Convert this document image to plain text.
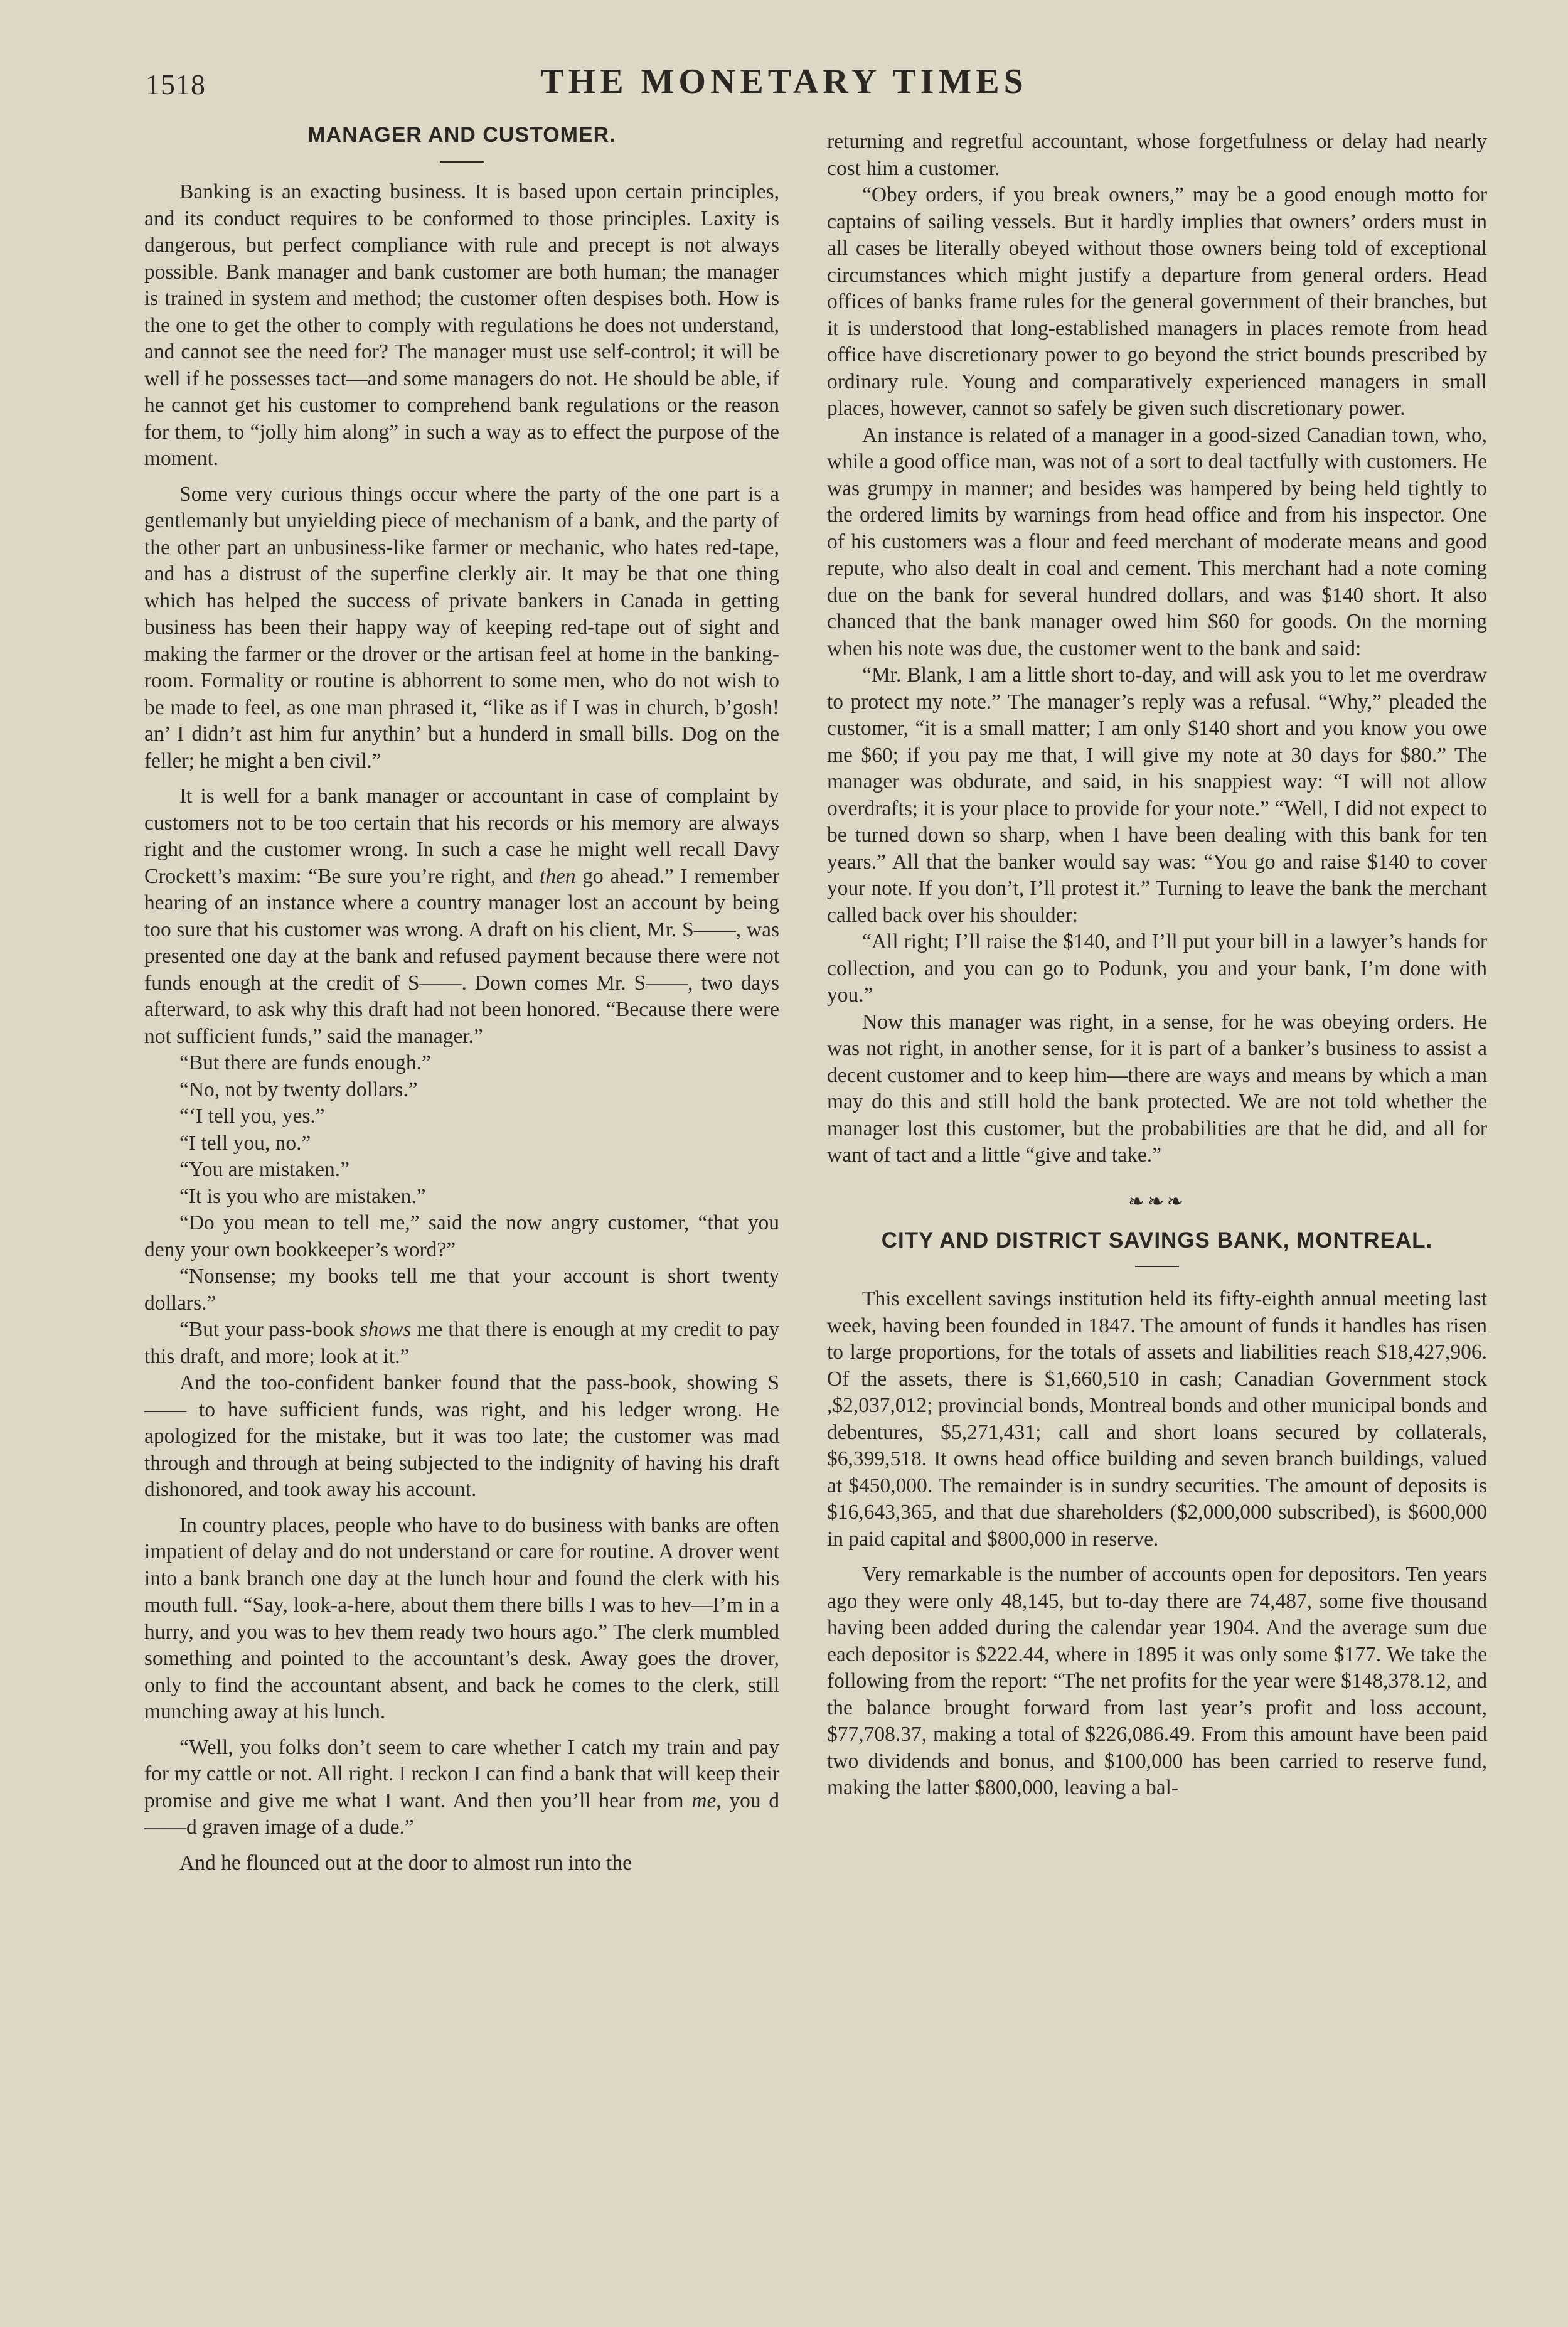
1518	THE MONETARY TIMES
MANAGER AND CUSTOMER.

Banking is an exacting business. It is based upon certain principles, and its conduct requires to be conformed to those principles. Laxity is dangerous, but perfect compliance with rule and precept is not always possible. Bank manager and bank customer are both human; the manager is trained in system and method; the customer often despises both. How is the one to get the other to comply with regulations he does not understand, and cannot see the need for? The manager must use self-control; it will be well if he possesses tact—and some managers do not. He should be able, if he cannot get his customer to comprehend bank regulations or the reason for them, to “jolly him along” in such a way as to effect the purpose of the moment.

Some very curious things occur where the party of the one part is a gentlemanly but unyielding piece of mechanism of a bank, and the party of the other part an unbusiness-like farmer or mechanic, who hates red-tape, and has a distrust of the superfine clerkly air. It may be that one thing which has helped the success of private bankers in Canada in getting business has been their happy way of keeping red-tape out of sight and making the farmer or the drover or the artisan feel at home in the banking-room. Formality or routine is abhorrent to some men, who do not wish to be made to feel, as one man phrased it, “like as if I was in church, b’gosh! an’ I didn’t ast him fur anythin’ but a hunderd in small bills. Dog on the feller; he might a ben civil.”

It is well for a bank manager or accountant in case of complaint by customers not to be too certain that his records or his memory are always right and the customer wrong. In such a case he might well recall Davy Crockett’s maxim: “Be sure you’re right, and then go ahead.” I remember hearing of an instance where a country manager lost an account by being too sure that his customer was wrong. A draft on his client, Mr. S——, was presented one day at the bank and refused payment because there were not funds enough at the credit of S——. Down comes Mr. S——, two days afterward, to ask why this draft had not been honored. “Because there were not sufficient funds,” said the manager.”

“But there are funds enough.”

“No, not by twenty dollars.”

“‘I tell you, yes.”

“I tell you, no.”

“You are mistaken.”

“It is you who are mistaken.”

“Do you mean to tell me,” said the now angry customer, “that you deny your own bookkeeper’s word?”

“Nonsense; my books tell me that your account is short twenty dollars.”

“But your pass-book shows me that there is enough at my credit to pay this draft, and more; look at it.”

And the too-confident banker found that the pass-book, showing S—— to have sufficient funds, was right, and his ledger wrong. He apologized for the mistake, but it was too late; the customer was mad through and through at being subjected to the indignity of having his draft dishonored, and took away his account.

In country places, people who have to do business with banks are often impatient of delay and do not understand or care for routine. A drover went into a bank branch one day at the lunch hour and found the clerk with his mouth full. “Say, look-a-here, about them there bills I was to hev—I’m in a hurry, and you was to hev them ready two hours ago.” The clerk mumbled something and pointed to the accountant’s desk. Away goes the drover, only to find the accountant absent, and back he comes to the clerk, still munching away at his lunch.

“Well, you folks don’t seem to care whether I catch my train and pay for my cattle or not. All right. I reckon I can find a bank that will keep their promise and give me what I want. And then you’ll hear from me, you d——d graven image of a dude.”

And he flounced out at the door to almost run into the

returning and regretful accountant, whose forgetfulness or delay had nearly cost him a customer.

“Obey orders, if you break owners,” may be a good enough motto for captains of sailing vessels. But it hardly implies that owners’ orders must in all cases be literally obeyed without those owners being told of exceptional circumstances which might justify a departure from general orders. Head offices of banks frame rules for the general government of their branches, but it is understood that long-established managers in places remote from head office have discretionary power to go beyond the strict bounds prescribed by ordinary rule. Young and comparatively experienced managers in small places, however, cannot so safely be given such discretionary power.

An instance is related of a manager in a good-sized Canadian town, who, while a good office man, was not of a sort to deal tactfully with customers. He was grumpy in manner; and besides was hampered by being held tightly to the ordered limits by warnings from head office and from his inspector. One of his customers was a flour and feed merchant of moderate means and good repute, who also dealt in coal and cement. This merchant had a note coming due on the bank for several hundred dollars, and was $140 short. It also chanced that the bank manager owed him $60 for goods. On the morning when his note was due, the customer went to the bank and said:

“Mr. Blank, I am a little short to-day, and will ask you to let me overdraw to protect my note.” The manager’s reply was a refusal. “Why,” pleaded the customer, “it is a small matter; I am only $140 short and you know you owe me $60; if you pay me that, I will give my note at 30 days for $80.” The manager was obdurate, and said, in his snappiest way: “I will not allow overdrafts; it is your place to provide for your note.” “Well, I did not expect to be turned down so sharp, when I have been dealing with this bank for ten years.” All that the banker would say was: “You go and raise $140 to cover your note. If you don’t, I’ll protest it.” Turning to leave the bank the merchant called back over his shoulder:

“All right; I’ll raise the $140, and I’ll put your bill in a lawyer’s hands for collection, and you can go to Podunk, you and your bank, I’m done with you.”

Now this manager was right, in a sense, for he was obeying orders. He was not right, in another sense, for it is part of a banker’s business to assist a decent customer and to keep him—there are ways and means by which a man may do this and still hold the bank protected. We are not told whether the manager lost this customer, but the probabilities are that he did, and all for want of tact and a little “give and take.”

❧❧❧
CITY AND DISTRICT SAVINGS BANK, MONTREAL.

This excellent savings institution held its fifty-eighth annual meeting last week, having been founded in 1847. The amount of funds it handles has risen to large proportions, for the totals of assets and liabilities reach $18,427,906. Of the assets, there is $1,660,510 in cash; Canadian Government stock ,$2,037,012; provincial bonds, Montreal bonds and other municipal bonds and debentures, $5,271,431; call and short loans secured by collaterals, $6,399,518. It owns head office building and seven branch buildings, valued at $450,000. The remainder is in sundry securities. The amount of deposits is $16,643,365, and that due shareholders ($2,000,000 subscribed), is $600,000 in paid capital and $800,000 in reserve.

Very remarkable is the number of accounts open for depositors. Ten years ago they were only 48,145, but to-day there are 74,487, some five thousand having been added during the calendar year 1904. And the average sum due each depositor is $222.44, where in 1895 it was only some $177. We take the following from the report: “The net profits for the year were $148,378.12, and the balance brought forward from last year’s profit and loss account, $77,708.37, making a total of $226,086.49. From this amount have been paid two dividends and bonus, and $100,000 has been carried to reserve fund, making the latter $800,000, leaving a bal-
